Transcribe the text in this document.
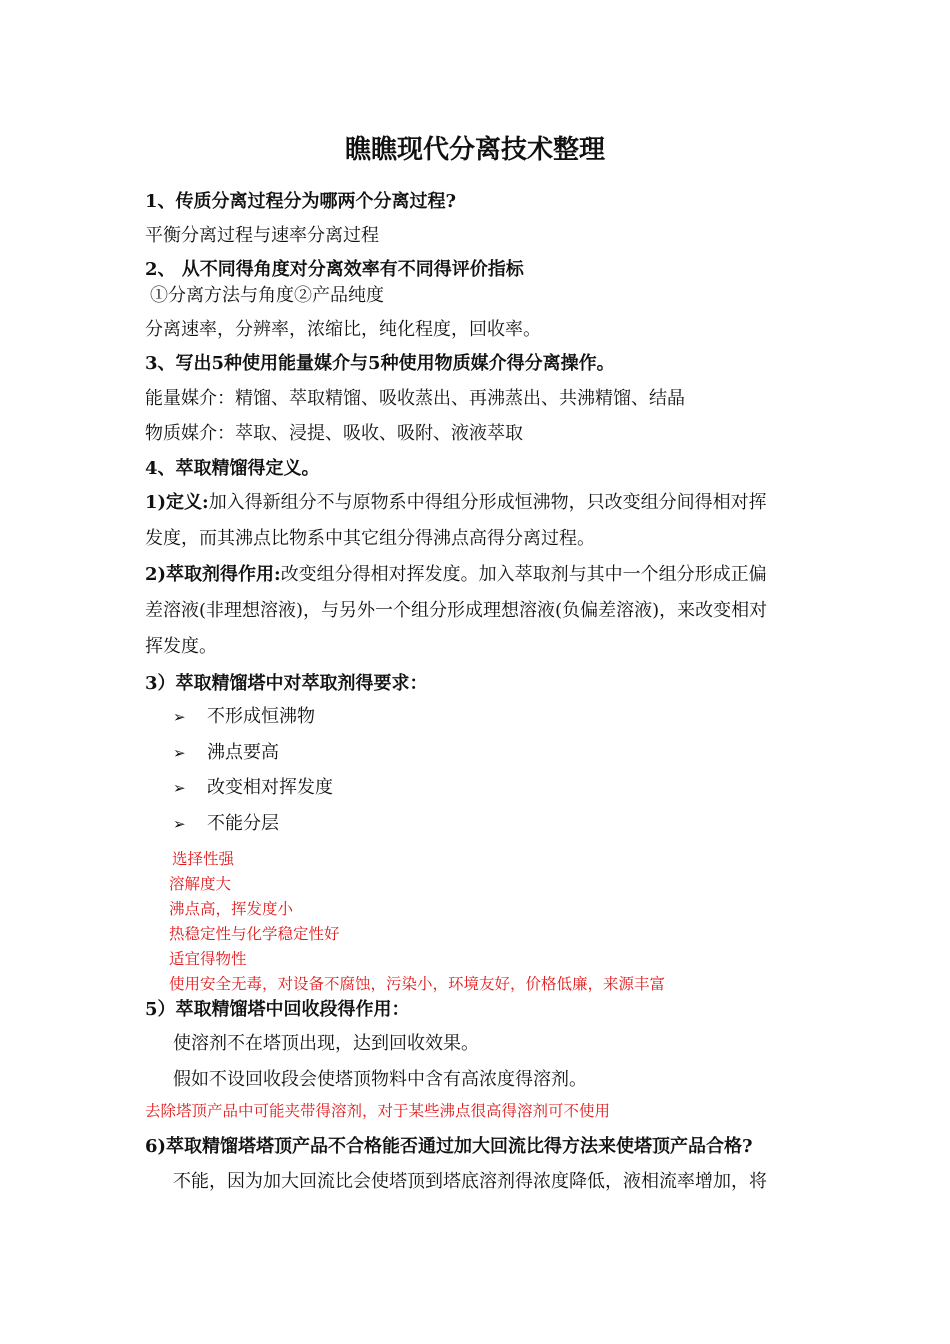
瞧瞧现代分离技术整理
1、传质分离过程分为哪两个分离过程?
平衡分离过程与速率分离过程
2、 从不同得角度对分离效率有不同得评价指标
①分离方法与角度②产品纯度
分离速率，分辨率，浓缩比，纯化程度，回收率。
3、写出5种使用能量媒介与5种使用物质媒介得分离操作。
能量媒介：精馏、萃取精馏、吸收蒸出、再沸蒸出、共沸精馏、结晶
物质媒介：萃取、浸提、吸收、吸附、液液萃取
4、萃取精馏得定义。
1)定义:加入得新组分不与原物系中得组分形成恒沸物，只改变组分间得相对挥
发度，而其沸点比物系中其它组分得沸点高得分离过程。
2)萃取剂得作用:改变组分得相对挥发度。加入萃取剂与其中一个组分形成正偏
差溶液(非理想溶液)，与另外一个组分形成理想溶液(负偏差溶液)，来改变相对
挥发度。
3）萃取精馏塔中对萃取剂得要求：
➢ 不形成恒沸物
➢ 沸点要高
➢ 改变相对挥发度
➢ 不能分层
选择性强
溶解度大
沸点高，挥发度小
热稳定性与化学稳定性好
适宜得物性
使用安全无毒，对设备不腐蚀，污染小，环境友好，价格低廉，来源丰富
5）萃取精馏塔中回收段得作用：
使溶剂不在塔顶出现，达到回收效果。
假如不设回收段会使塔顶物料中含有高浓度得溶剂。
去除塔顶产品中可能夹带得溶剂，对于某些沸点很高得溶剂可不使用
6)萃取精馏塔塔顶产品不合格能否通过加大回流比得方法来使塔顶产品合格?
不能，因为加大回流比会使塔顶到塔底溶剂得浓度降低，液相流率增加，将
